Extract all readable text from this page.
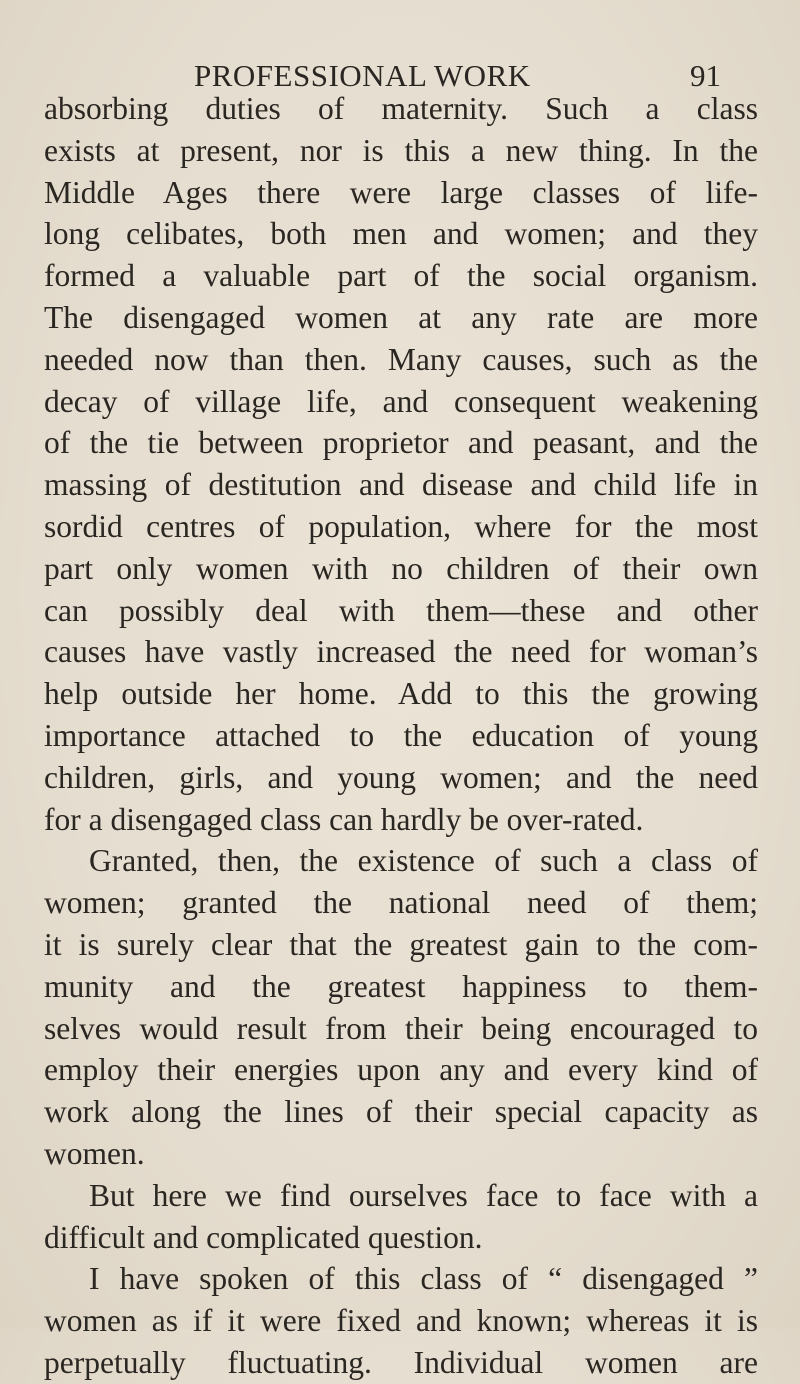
PROFESSIONAL WORK	91
absorbing duties of maternity. Such a class
exists at present, nor is this a new thing. In the
Middle Ages there were large classes of life-
long celibates, both men and women; and they
formed a valuable part of the social organism.
The disengaged women at any rate are more
needed now than then. Many causes, such as the
decay of village life, and consequent weakening
of the tie between proprietor and peasant, and the
massing of destitution and disease and child life in
sordid centres of population, where for the most
part only women with no children of their own
can possibly deal with them—these and other
causes have vastly increased the need for woman’s
help outside her home. Add to this the growing
importance attached to the education of young
children, girls, and young women; and the need
for a disengaged class can hardly be over-rated.
Granted, then, the existence of such a class of
women; granted the national need of them;
it is surely clear that the greatest gain to the com-
munity and the greatest happiness to them-
selves would result from their being encouraged to
employ their energies upon any and every kind of
work along the lines of their special capacity as
women.
But here we find ourselves face to face with a
difficult and complicated question.
I have spoken of this class of “ disengaged ”
women as if it were fixed and known; whereas it is
perpetually fluctuating. Individual women are
